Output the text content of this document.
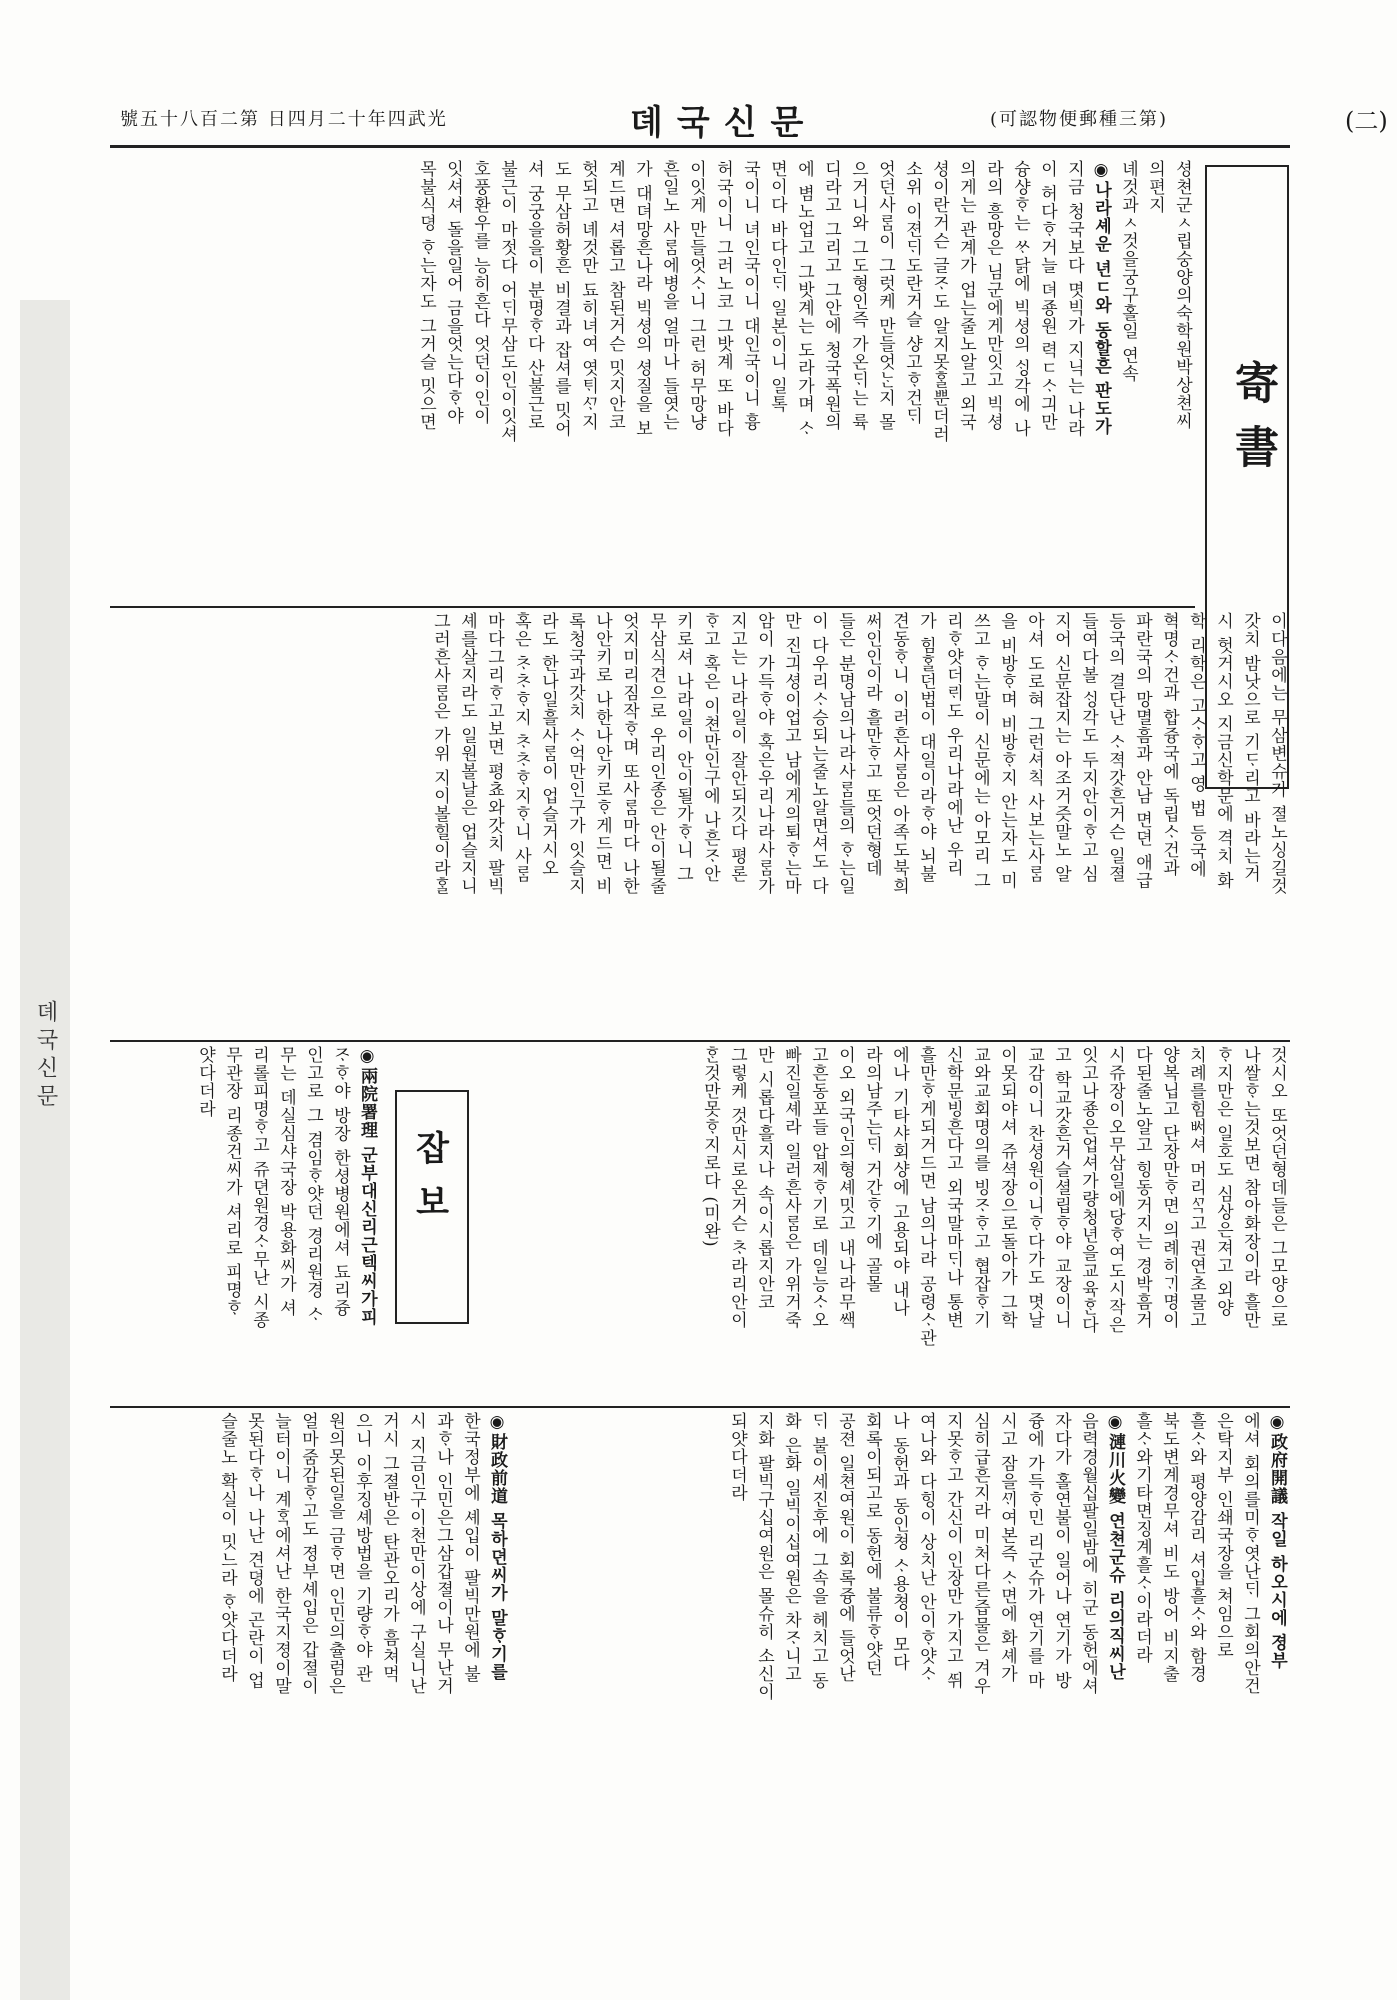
뎨국신문
號五十八百二第 日四月二十年四武光	뎨국신문	(可認物便郵種三第)	(二)
寄書

셩쳔군ㅅ립숭양의숙학원박상쳔씨

의편지

녜것과ㅅ것을궁구홀일 연속

◉나라셰운 년ㄷ와 동할흔 판도가

지금 청국보다 몃빅가 지닉는 나라

이 허다ᄒᆞ거늘 뎌죵원 력ㄷᄉᆞ긔만

슝샹ᄒᆞ는 ᄊᆞ닭에 빅셩의 ᄉᆡᆼ각에 나

라의 흥망은 님군에게만잇고 빅셩

의게는 관계가 업는줄노알고 외국

셩이란거슨 글ᄌᆞ도 알지못ᄒᆞᆯ뿐더러

소위 이젼ᄃᆡ도란거슬 샹고ᄒᆞ건ᄃᆡ

엇던사ᄅᆞᆷ이 그럿케 만들엇ᄂᆞᆫ지 몰

으거니와 그도형인즉 가온ᄃᆡ는 륙

디라고 그리고 그안에 청국폭원의

에 볌노업고 그밧계는 도라가며 ᄉᆞ

면이다 바다인ᄃᆡ 일본이니 일톡

국이니 녀인국이니 대인국이니 흉

허국이니 그러노코 그밧계 또 바다

이잇게 만들엇ᄉᆞ니 그런 허무망냥

흔일노 사ᄅᆞᆷ에병을 얼마나 들엿는

가 대뎌망흔나라 빅셩의 셩질을 보

계드면 셔롭고 참된거슨 밋지안코

헛되고 녜것만 됴히녀여 엿ᄐᆡᄭᆞ지

도 무삼허황흔 비결과 잡셔를 밋어

셔 궁궁을을이 분명ᄒᆞ다 산불근로

불근이 마젓다 어ᄃᆡ무삼도인이잇셔

호풍환우를 능히흔다 엇던이인이

잇셔셔 돌을일어 금을엇는다ᄒᆞ야

목불식뎡 ᄒᆞ는자도 그거슬 밋으면

이다음에는 무삼변슈가 졀노싱길것

갓치 밤낫으로 기ᄃᆞ리고 바라는거

시 헛거시오 지금신학문에 격치 화

학 리학은 고ᄉᆞᄒᆞ고 영 법 등국에

혁명ᄉᆞ건과 합즁국에 독립ᄉᆞ건과

파란국의 망멸흠과 안남 면뎐 애급

등국의 결단난 ᄉᆞ젹갓흔거슨 일졀

들여다볼 ᄉᆡᆼ각도 두지안이ᄒᆞ고 심

지어 신문잡지는 아조거즛말노 알

아셔 도로혀 그런셔칙 사보는사ᄅᆞᆷ

을 비방ᄒᆞ며 비방ᄒᆞ지 안는자도 미

쓰고 ᄒᆞ는말이 신문에는 아모리 그

리ᄒᆞ얏더ᄅᆡ도 우리나라에난 우리

가 힘ᄒᆞᆯ던법이 대일이라ᄒᆞ야 뇌불

견동ᄒᆞ니 이러흔사ᄅᆞᆷ은 아족도북희

써인인이라 흘만ᄒᆞ고 또엇던형데

들은 분명남의나라사ᄅᆞᆷ들의 ᄒᆞ는일

이 다우리ᄉᆞ승되는줄노알면셔도 다

만 진긔셩이업고 남에게의퇴ᄒᆞ는마

암이 가득ᄒᆞ야 혹은우리나라사ᄅᆞᆷ가

지고는 나라일이 잘안되깃다 평론

ᄒᆞ고 혹은 이쳔만인구에 나흔ᄌᆞ안

키로셔 나라일이 안이될가ᄒᆞ니 그

무삼식견으로 우리인종은 안이될줄

엇지미리짐작ᄒᆞ며 또사ᄅᆞᆷ마다 나한

나안키로 나한나안키로ᄒᆞ게드면 비

록청국과갓치 ᄉᆞ억만인구가 잇슬지

라도 한나일흘사ᄅᆞᆷ이 업슬거시오

혹은 ᄎᆞᄎᆞᄒᆞ지 ᄎᆞᄎᆞᄒᆞ지ᄒᆞ니 사ᄅᆞᆷ

마다그리ᄒᆞ고보면 평쵸와갓치 팔빅

셰를살지라도 일원볼날은 업슬지니

그러흔사ᄅᆞᆷ은 가위 지이볼힐이라ᄒᆞᆯ

것시오 또엇던형데들은 그모양으로

나쌀ᄒᆞ는것보면 참아화장이라 흘만

ᄒᆞ지만은 일호도 심상은져고 외양

치례를힘ᄡᅥ셔 머리ᄭᆞᆨ고 권연초물고

양복닙고 단장만ᄒᆞ면 의례히ᄀᆡ명이

다된줄노알고 힝동거지는 경박흠거

시쥬장이오무삼일에당ᄒᆞ여도시작은

잇고나죵은업셔가량청년을교육ᄒᆞᆫ다

고 학교갓흔거슬셜립ᄒᆞ야 교장이니

교감이니 찬셩원이니ᄒᆞ다가도 몃날

이못되야셔 쥬셕장으로돌아가 그학

교와교회명의를 빙ᄌᆞᄒᆞ고 협잡ᄒᆞ기

신학문빙흔다고 외국말마ᄃᆡ나 통변

흘만ᄒᆞ게되거드면 남의나라 공령ᄉᆞ관

에나 기타샤회샹에 고용되야 내나

라의남주는ᄃᆡ 거간ᄒᆞ기에 골몰

이오 외국인의형셰밋고 내나라무쌕

고흔동포들 압제ᄒᆞ기로 데일능ᄉᆞ오

빠진일셰라 일러흔사ᄅᆞᆷ은 가위거죽

만 시롭다흘지나 속이시롭지안코

그렇케 것만시로온거슨 ᄎᆞ라리안이

ᄒᆞᆫ것만못ᄒᆞ지로다 (미완)

잡보

◉兩院署理 군부대신리근텍씨가피

ᄌᆞᄒᆞ야 방장 한셩병원에셔 됴리즁

인고로 그 겸임ᄒᆞ얏던 경리원경 ᄉᆞ

무는 데실심샤국장 박용화씨가 셔

리롤피명ᄒᆞ고 쥬뎐원경ᄉᆞ무난 시종

무관장 리종건씨가 셔리로 피명ᄒᆞ

얏다더라

◉政府開議 작일 하오시에 졍부

에셔 회의를미ᄒᆞ엿난ᄃᆡ 그회의안건

은탁지부 인쇄국장을 쳐임으로

흘ᄉᆞ와 평양감리 셔입흘ᄉᆞ와 함경

북도변계경무셔 비도 방어 비지출

흘ᄉᆞ와기타면징계흘ᄉᆞ이라더라

◉漣川火變 연쳔군슈 리의직씨난

음력경월십팔일밤에 히군 동헌에셔

자다가 홀연불이 일어나 연기가 방

즁에 가득ᄒᆞ민 리군슈가 연기를 마

시고 잠을ᄭᆡ여본즉 ᄉᆞ면에 화셰가

심히급흔지라 미처다른즙물은 겨우

지못ᄒᆞ고 간신이 인장만 가지고 ᄯᅱ

여나와 다힝이 상치난 안이ᄒᆞ얏ᄉᆞ

나 동헌과 동인쳥 ᄉᆞ용쳥이 모다

회록이되고로 동헌에 불류ᄒᆞ얏던

공젼 일쳔여원이 회록즁에 들엇난

ᄃᆡ 불이세진후에 그속을 헤치고 동

화 은화 일빅이십여원은 차ᄌᆞ니고

지화 팔빅구십여원은 몰슈히 소신이

되얏다더라

◉財政前道 목하뎐씨가 말ᄒᆞ기를

한국정부에 셰입이 팔빅만원에 불

과ᄒᆞ나 인민은그삼갑졀이나 무난거

시 지금인구이천만이상에 구실니난

거시 그졀반은 탄관오리가 흠쳐먹

으니 이후징셰방법을 기량ᄒᆞ야 관

원의못된일을 금ᄒᆞ면 인민의츌럼은

얼마줌감ᄒᆞ고도 졍부셰입은 갑졀이

늘터이니 계ᄒᆞᆨ에셔난 한국지졍이말

못된다ᄒᆞ나 나난 견뎡에 곤란이 업

슬줄노 확실이 밋느라 ᄒᆞ얏다더라
